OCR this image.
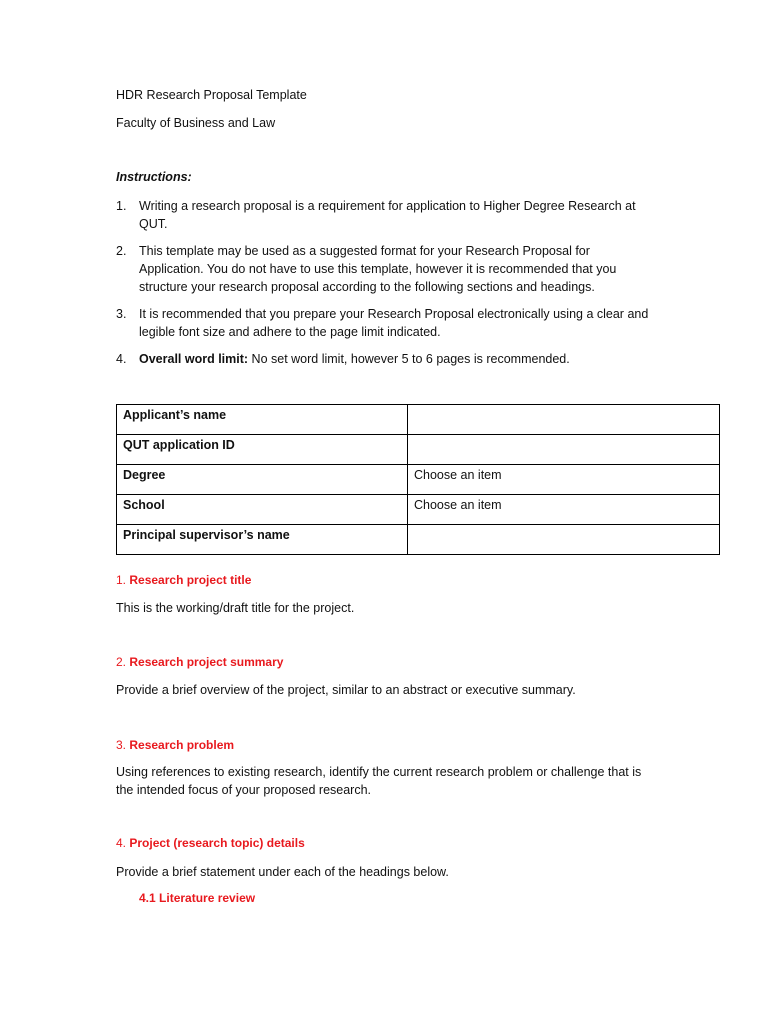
HDR Research Proposal Template
Faculty of Business and Law
Instructions:
1. Writing a research proposal is a requirement for application to Higher Degree Research at QUT.
2. This template may be used as a suggested format for your Research Proposal for Application. You do not have to use this template, however it is recommended that you structure your research proposal according to the following sections and headings.
3. It is recommended that you prepare your Research Proposal electronically using a clear and legible font size and adhere to the page limit indicated.
4. Overall word limit: No set word limit, however 5 to 6 pages is recommended.
Applicant’s name	
QUT application ID	
Degree	Choose an item
School	Choose an item
Principal supervisor’s name	
1. Research project title
This is the working/draft title for the project.
2. Research project summary
Provide a brief overview of the project, similar to an abstract or executive summary.
3. Research problem
Using references to existing research, identify the current research problem or challenge that is the intended focus of your proposed research.
4. Project (research topic) details
Provide a brief statement under each of the headings below.
4.1 Literature review
